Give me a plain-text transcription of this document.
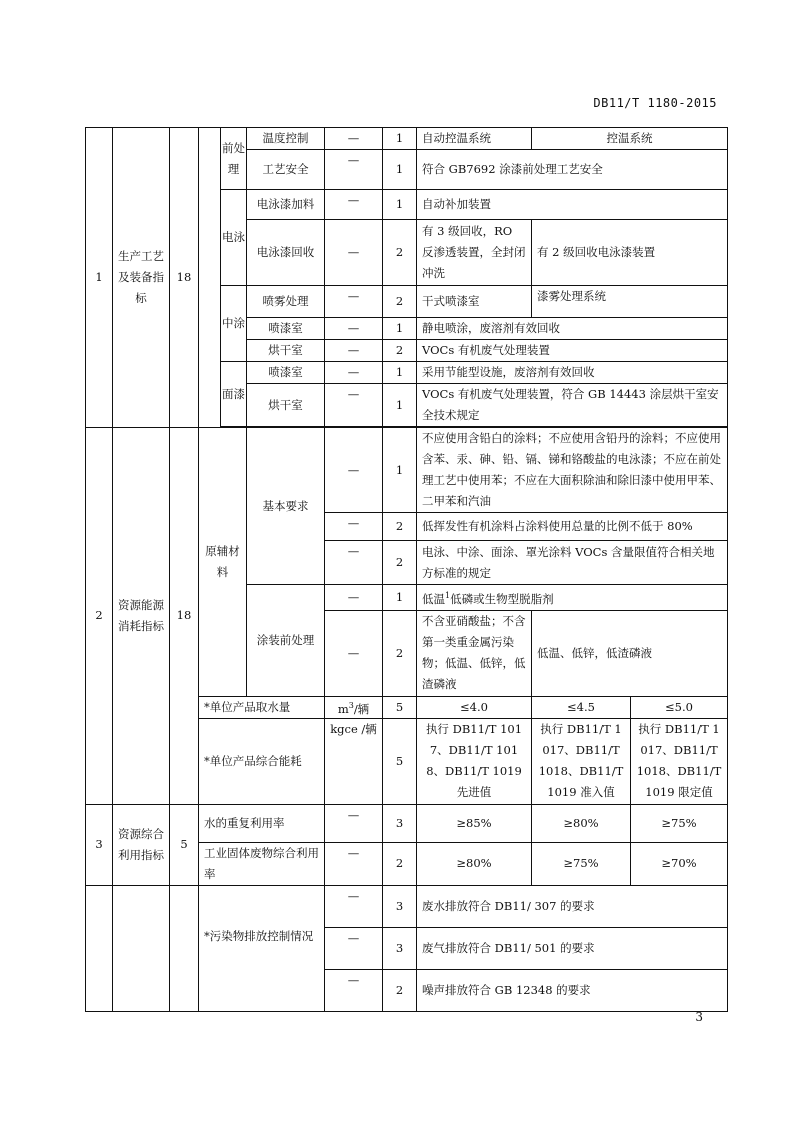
DB11/T 1180-2015
1	生产工艺及装备指标	18		前处理	温度控制	—	1	自动控温系统	控温系统	
					工艺安全	—	1	符合 GB7692 涂漆前处理工艺安全		
				电泳	电泳漆加料	—	1	自动补加装置		
					电泳漆回收	—	2	有 3 级回收，RO 反渗透装置，全封闭冲洗	有 2 级回收电泳漆装置	
				中涂	喷雾处理	—	2	干式喷漆室	漆雾处理系统	
					喷漆室	—	1	静电喷涂，废溶剂有效回收		
					烘干室	—	2	VOCs 有机废气处理装置		
				面漆	喷漆室	—	1	采用节能型设施，废溶剂有效回收		
					烘干室	—	1	VOCs 有机废气处理装置，符合 GB 14443 涂层烘干室安全技术规定		

2	资源能源消耗指标	18	原辅材料		基本要求	—	1	不应使用含铅白的涂料；不应使用含铅丹的涂料；不应使用含苯、汞、砷、铅、镉、锑和铬酸盐的电泳漆；不应在前处理工艺中使用苯；不应在大面积除油和除旧漆中使用甲苯、二甲苯和汽油		
						—	2	低挥发性有机涂料占涂料使用总量的比例不低于 80%		
						—	2	电泳、中涂、面涂、罩光涂料 VOCs 含量限值符合相关地方标准的规定		
					涂装前处理	—	1	低温$^1$低磷或生物型脱脂剂		
						—	2	不含亚硝酸盐；不含第一类重金属污染物；低温、低锌，低渣磷液	低温、低锌，低渣磷液	
			*单位产品取水量			$m^3/$辆	5	≤4.0	≤4.5	≤5.0
			*单位产品综合能耗			kgce /辆	5	执行 DB11/T 1017、DB11/T 1018、DB11/T 1019 先进值	执行 DB11/T 1017、DB11/T 1018、DB11/T 1019 准入值	执行 DB11/T 1017、DB11/T 1018、DB11/T 1019 限定值
3	资源综合利用指标	5	水的重复利用率			—	3	≥85%	≥80%	≥75%
			工业固体废物综合利用率			—	2	≥80%	≥75%	≥70%
			*污染物排放控制情况			—	3	废水排放符合 DB11/ 307 的要求		
						—	3	废气排放符合 DB11/ 501 的要求		
						—	2	噪声排放符合 GB 12348 的要求		
3
